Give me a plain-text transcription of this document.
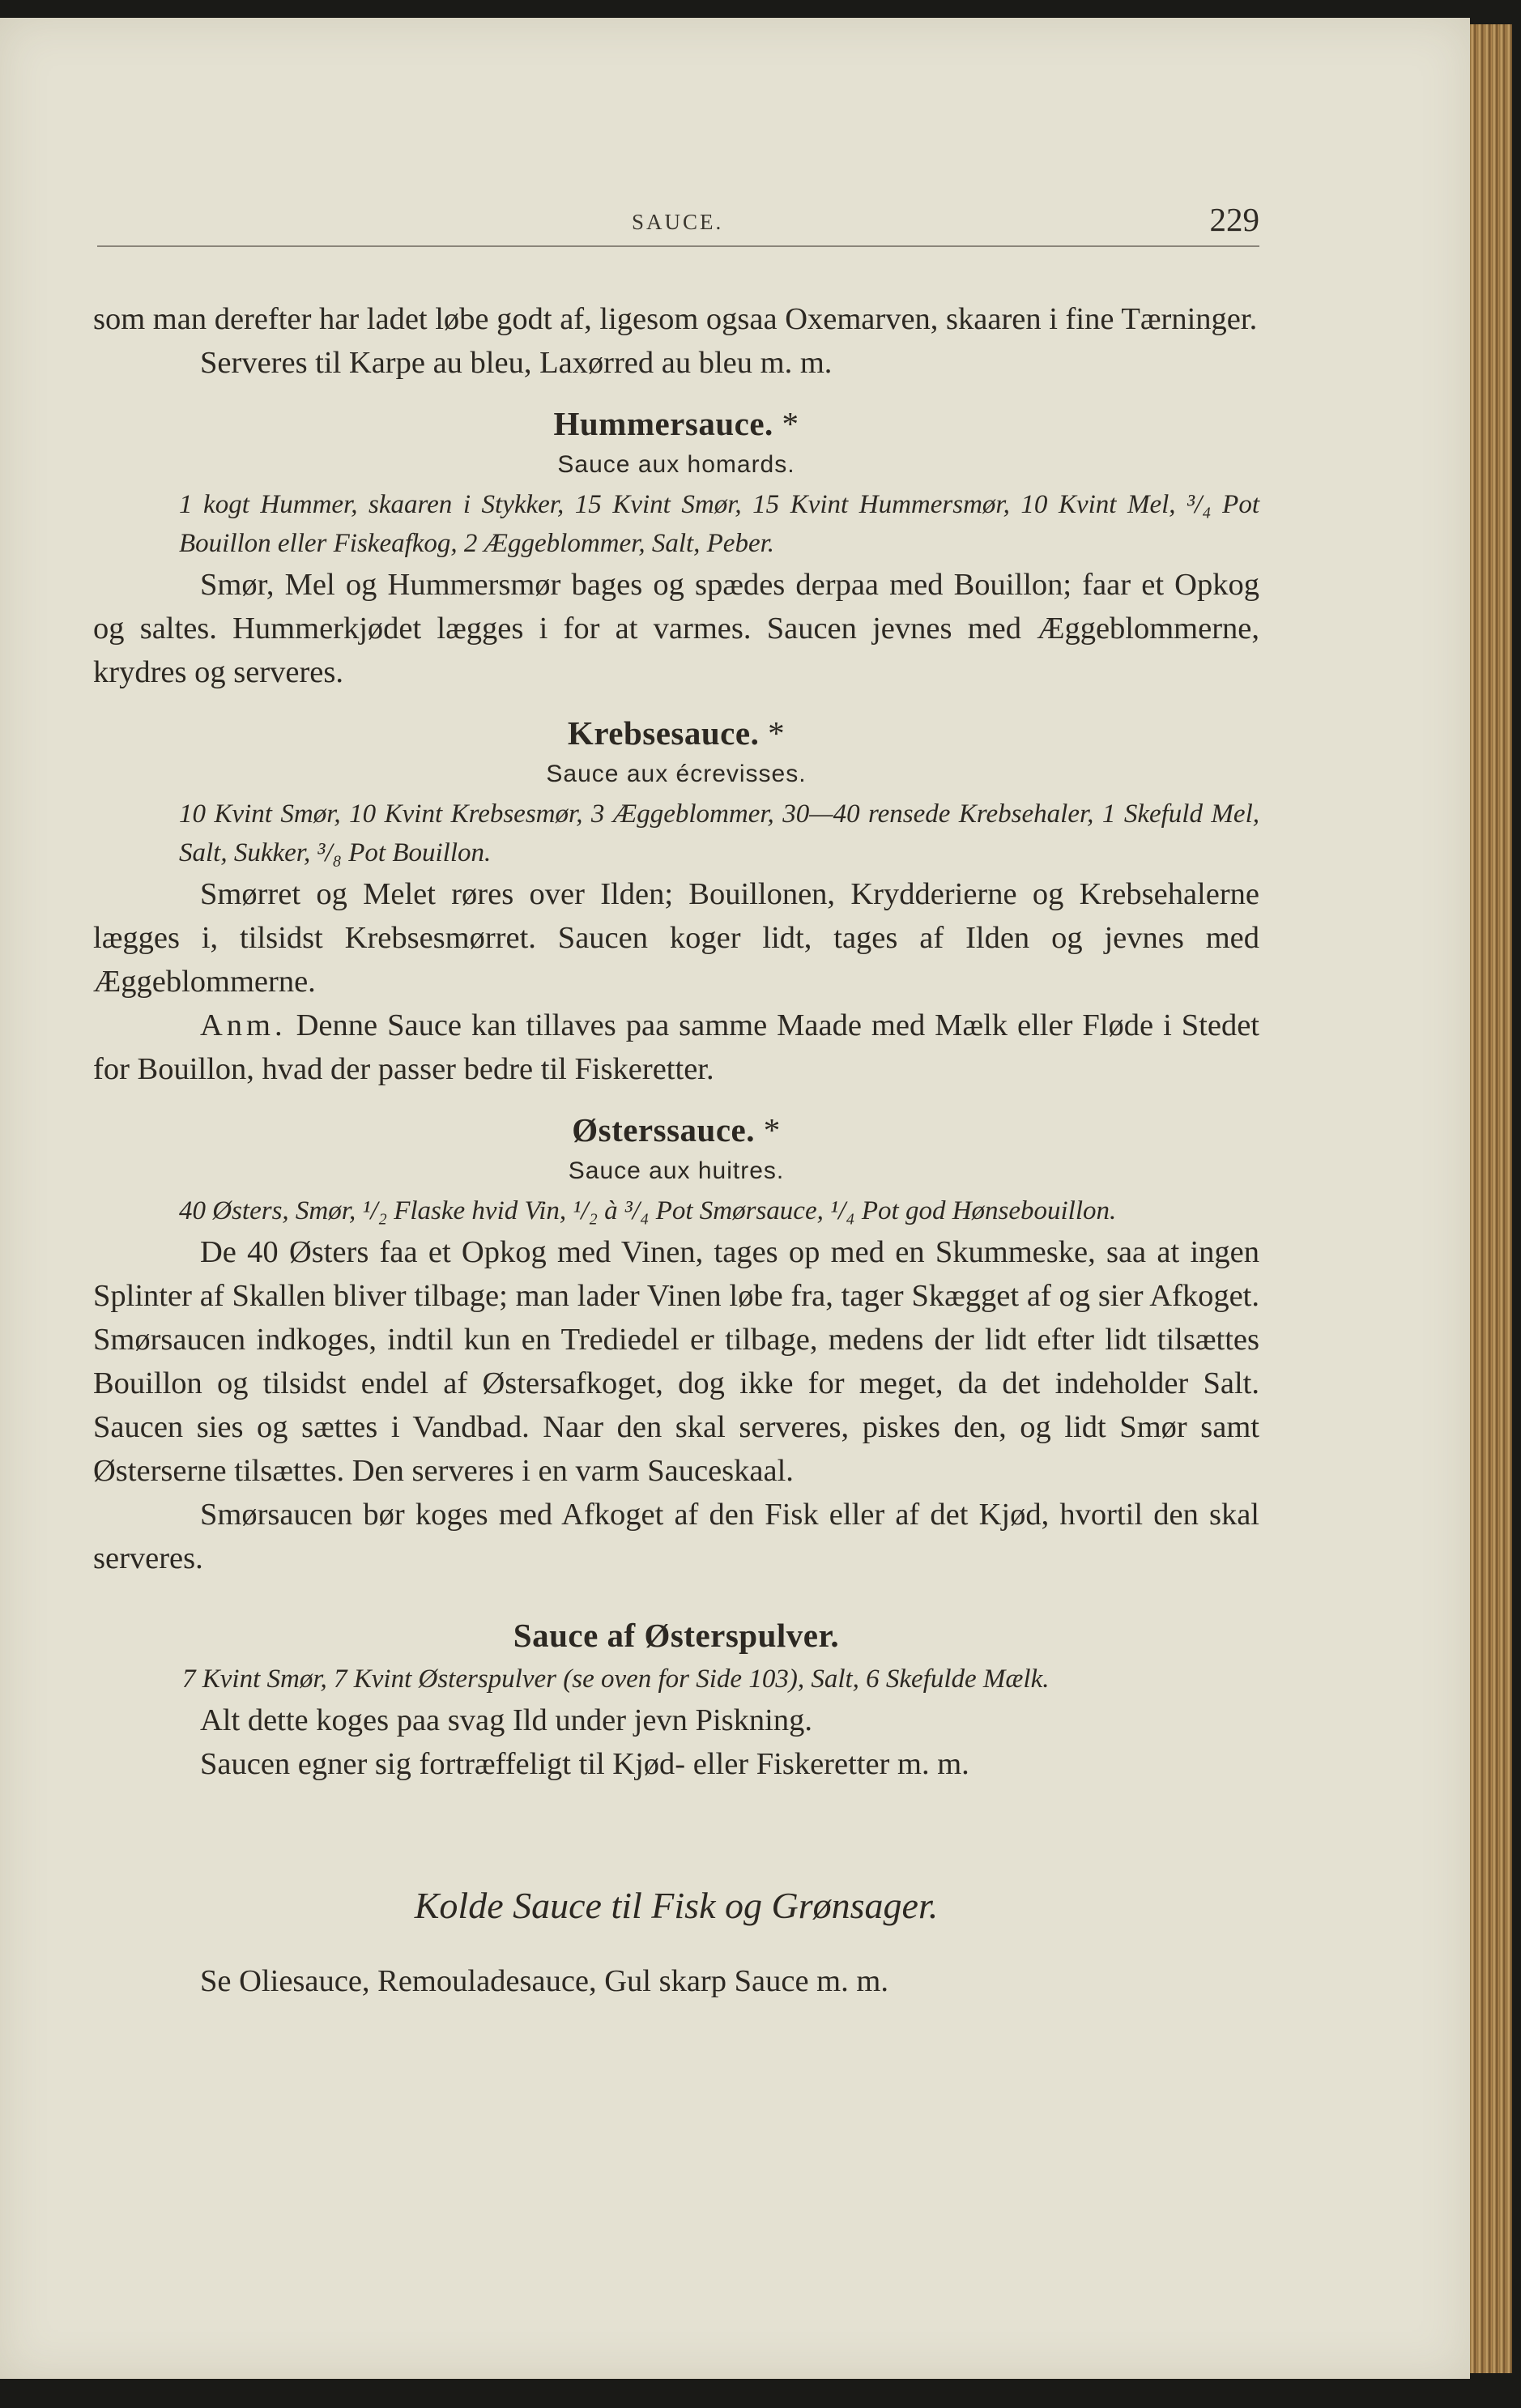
SAUCE.	229

som man derefter har ladet løbe godt af, ligesom ogsaa Oxemarven, skaaren i fine Tærninger.

Serveres til Karpe au bleu, Laxørred au bleu m. m.

Hummersauce. *
Sauce aux homards.

1 kogt Hummer, skaaren i Stykker, 15 Kvint Smør, 15 Kvint Hummersmør, 10 Kvint Mel, ³/₄ Pot Bouillon eller Fiskeafkog, 2 Æggeblommer, Salt, Peber.

Smør, Mel og Hummersmør bages og spædes derpaa med Bouillon; faar et Opkog og saltes. Hummerkjødet lægges i for at varmes. Saucen jevnes med Æggeblommerne, krydres og serveres.

Krebsesauce. *
Sauce aux écrevisses.

10 Kvint Smør, 10 Kvint Krebsesmør, 3 Æggeblommer, 30—40 rensede Krebsehaler, 1 Skefuld Mel, Salt, Sukker, ³/₈ Pot Bouillon.

Smørret og Melet røres over Ilden; Bouillonen, Krydderierne og Krebsehalerne lægges i, tilsidst Krebsesmørret. Saucen koger lidt, tages af Ilden og jevnes med Æggeblommerne.

Anm. Denne Sauce kan tillaves paa samme Maade med Mælk eller Fløde i Stedet for Bouillon, hvad der passer bedre til Fiskeretter.

Østerssauce. *
Sauce aux huitres.

40 Østers, Smør, ¹/₂ Flaske hvid Vin, ¹/₂ à ³/₄ Pot Smørsauce, ¹/₄ Pot god Hønsebouillon.

De 40 Østers faa et Opkog med Vinen, tages op med en Skummeske, saa at ingen Splinter af Skallen bliver tilbage; man lader Vinen løbe fra, tager Skægget af og sier Afkoget. Smørsaucen indkoges, indtil kun en Trediedel er tilbage, medens der lidt efter lidt tilsættes Bouillon og tilsidst endel af Østersafkoget, dog ikke for meget, da det indeholder Salt. Saucen sies og sættes i Vandbad. Naar den skal serveres, piskes den, og lidt Smør samt Østerserne tilsættes. Den serveres i en varm Sauceskaal.

Smørsaucen bør koges med Afkoget af den Fisk eller af det Kjød, hvortil den skal serveres.

Sauce af Østerspulver.

7 Kvint Smør, 7 Kvint Østerspulver (se oven for Side 103), Salt, 6 Skefulde Mælk.

Alt dette koges paa svag Ild under jevn Piskning.

Saucen egner sig fortræffeligt til Kjød- eller Fiskeretter m. m.

Kolde Sauce til Fisk og Grønsager.

Se Oliesauce, Remouladesauce, Gul skarp Sauce m. m.
